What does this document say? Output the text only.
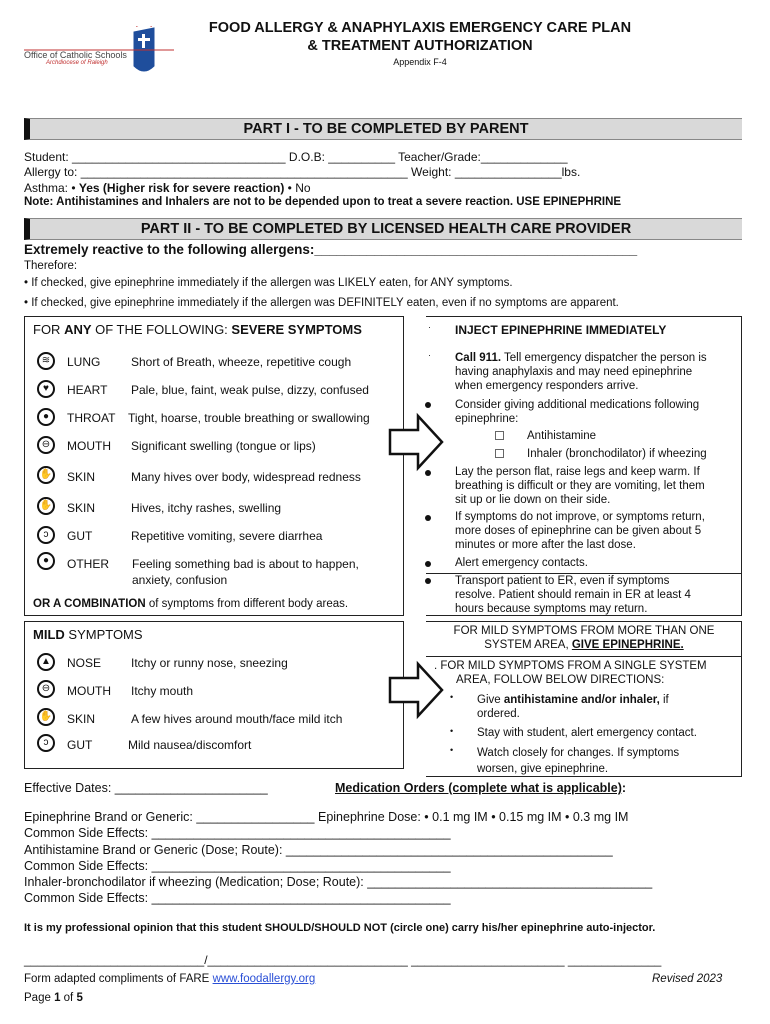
Office of Catholic Schools
Archdiocese of Raleigh
FOOD ALLERGY & ANAPHYLAXIS EMERGENCY CARE PLAN
& TREATMENT AUTHORIZATION
Appendix F-4
PART I - TO BE COMPLETED BY PARENT
Student: ________________________________ D.O.B: __________ Teacher/Grade:_____________
Allergy to: _________________________________________________ Weight: ________________lbs.
Asthma: • Yes (Higher risk for severe reaction) • No
Note: Antihistamines and Inhalers are not to be depended upon to treat a severe reaction. USE EPINEPHRINE
PART II - TO BE COMPLETED BY LICENSED HEALTH CARE PROVIDER
Extremely reactive to the following allergens:___________________________________________
Therefore:
• If checked, give epinephrine immediately if the allergen was LIKELY eaten, for ANY symptoms.
• If checked, give epinephrine immediately if the allergen was DEFINITELY eaten, even if no symptoms are apparent.
FOR ANY OF THE FOLLOWING: SEVERE SYMPTOMS
≋	LUNG	Short of Breath, wheeze, repetitive cough
♥	HEART Pale, blue, faint, weak pulse, dizzy, confused
●	THROAT Tight, hoarse, trouble breathing or swallowing
⊖	MOUTH Significant swelling (tongue or lips)
✋ SKIN	Many hives over body, widespread redness
✋ SKIN	Hives, itchy rashes, swelling
ↄ	GUT	Repetitive vomiting, severe diarrhea
●	OTHER Feeling something bad is about to happen,
anxiety, confusion
OR A COMBINATION of symptoms from different body areas.
· INJECT EPINEPHRINE IMMEDIATELY
· Call 911. Tell emergency dispatcher the person is
having anaphylaxis and may need epinephrine
when emergency responders arrive.
Consider giving additional medications following
epinephrine:
Antihistamine
Inhaler (bronchodilator) if wheezing
Lay the person flat, raise legs and keep warm. If
breathing is difficult or they are vomiting, let them
sit up or lie down on their side.
If symptoms do not improve, or symptoms return,
more doses of epinephrine can be given about 5
minutes or more after the last dose.
Alert emergency contacts.
Transport patient to ER, even if symptoms
resolve. Patient should remain in ER at least 4
hours because symptoms may return.
MILD SYMPTOMS
▲	NOSE Itchy or runny nose, sneezing
⊖	MOUTH Itchy mouth
✋ SKIN	A few hives around mouth/face mild itch
ↄ	GUT	Mild nausea/discomfort
FOR MILD SYMPTOMS FROM MORE THAN ONE
SYSTEM AREA, GIVE EPINEPHRINE.
. FOR MILD SYMPTOMS FROM A SINGLE SYSTEM
AREA, FOLLOW BELOW DIRECTIONS:
• Give antihistamine and/or inhaler, if
ordered.
• Stay with student, alert emergency contact.
• Watch closely for changes. If symptoms
worsen, give epinephrine.
Effective Dates: ______________________	Medication Orders (complete what is applicable):
Epinephrine Brand or Generic: _________________ Epinephrine Dose: • 0.1 mg IM • 0.15 mg IM • 0.3 mg IM
Common Side Effects: ___________________________________________
Antihistamine Brand or Generic (Dose; Route): _______________________________________________
Common Side Effects: ___________________________________________
Inhaler-bronchodilator if wheezing (Medication; Dose; Route): _________________________________________
Common Side Effects: ___________________________________________
It is my professional opinion that this student SHOULD/SHOULD NOT (circle one) carry his/her epinephrine auto-injector.
___________________________/______________________________ _______________________ ______________
Form adapted compliments of FARE www.foodallergy.org	Revised 2023
Page 1 of 5
